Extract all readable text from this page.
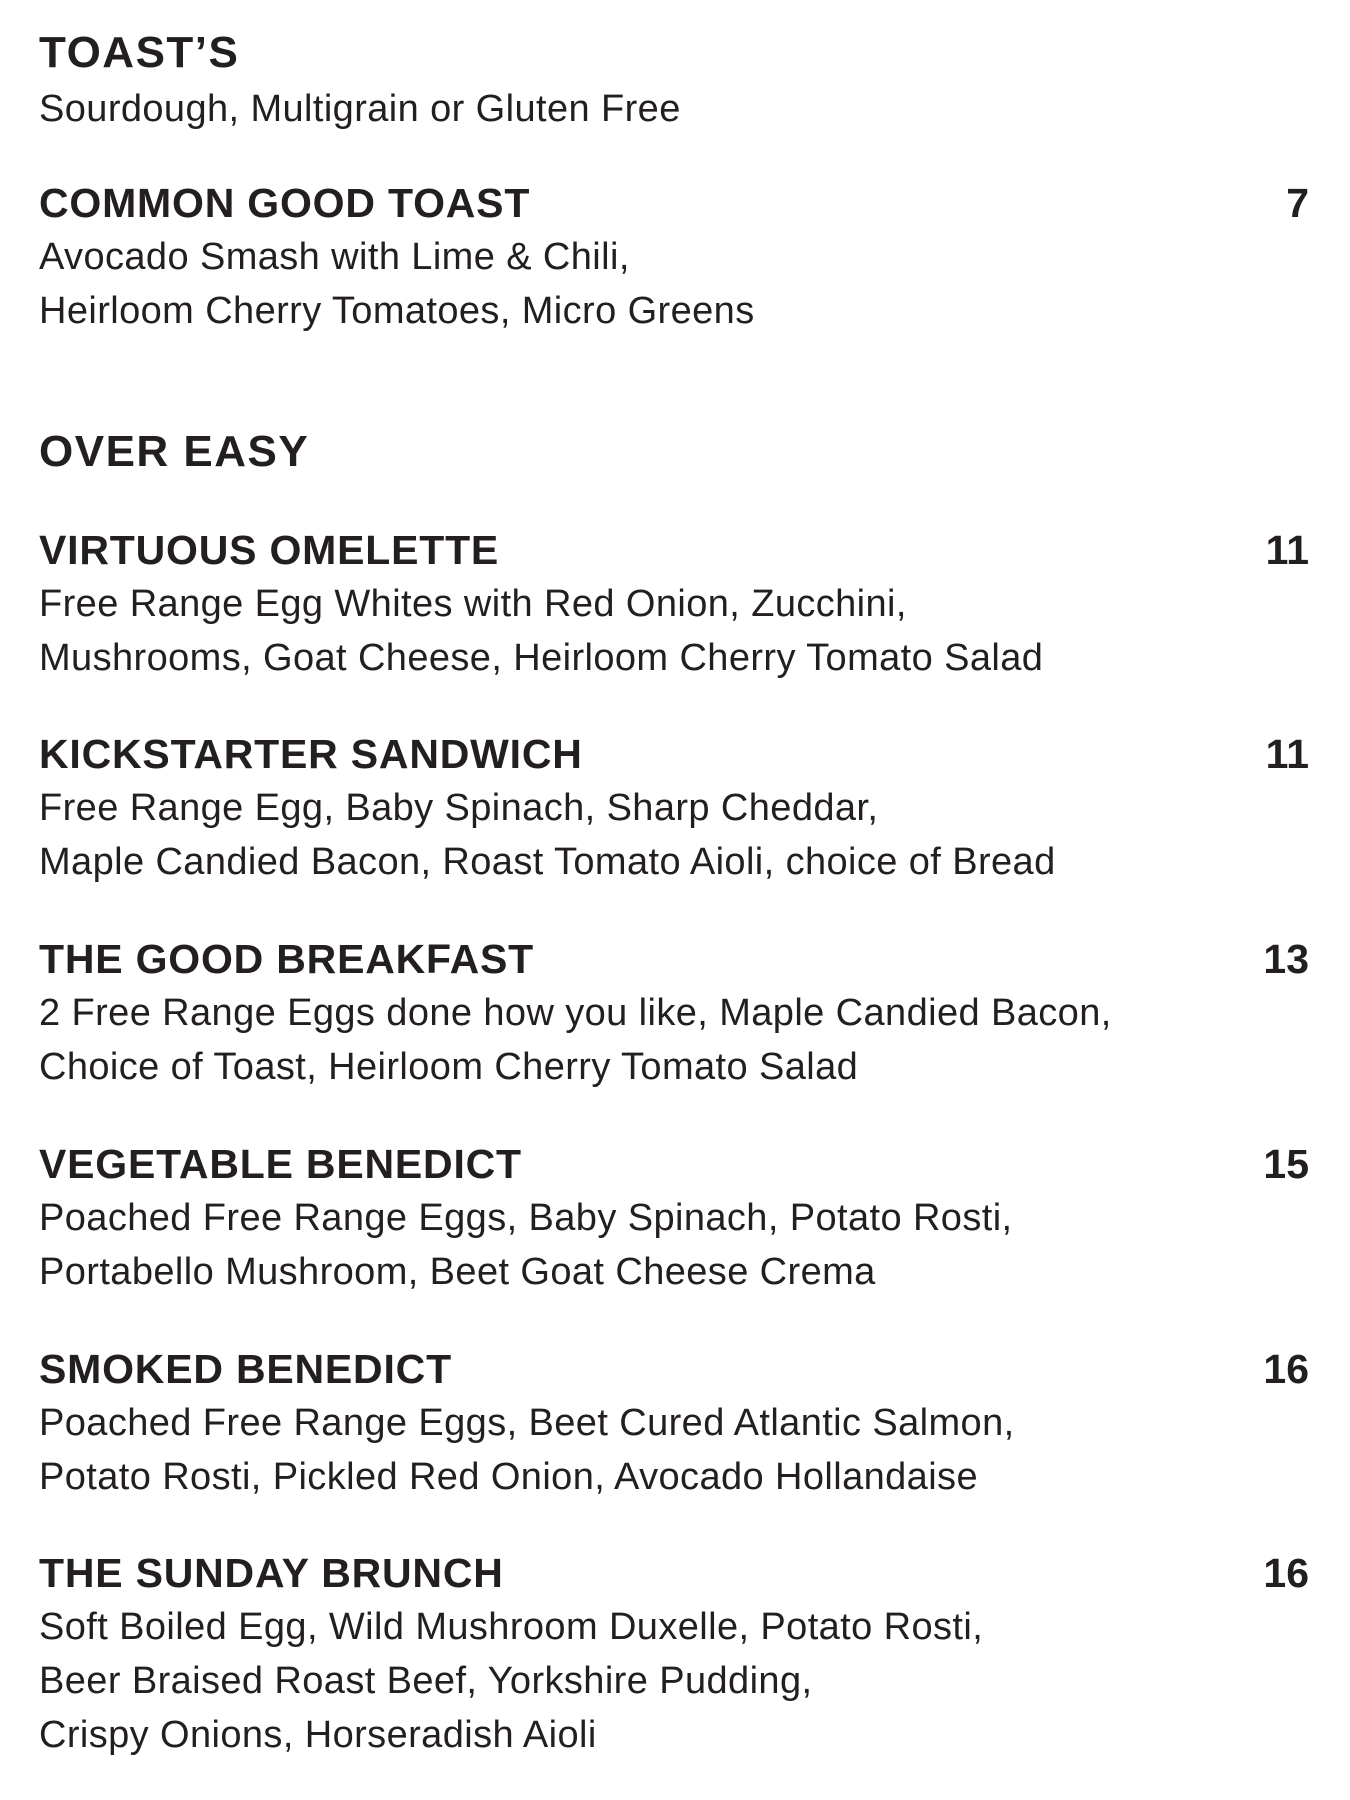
TOAST’S
Sourdough, Multigrain or Gluten Free
COMMON GOOD TOAST	7
Avocado Smash with Lime & Chili,
Heirloom Cherry Tomatoes, Micro Greens
OVER EASY
VIRTUOUS OMELETTE	11
Free Range Egg Whites with Red Onion, Zucchini,
Mushrooms, Goat Cheese, Heirloom Cherry Tomato Salad
KICKSTARTER SANDWICH	11
Free Range Egg, Baby Spinach, Sharp Cheddar,
Maple Candied Bacon, Roast Tomato Aioli, choice of Bread
THE GOOD BREAKFAST	13
2 Free Range Eggs done how you like, Maple Candied Bacon,
Choice of Toast, Heirloom Cherry Tomato Salad
VEGETABLE BENEDICT	15
Poached Free Range Eggs, Baby Spinach, Potato Rosti,
Portabello Mushroom, Beet Goat Cheese Crema
SMOKED BENEDICT	16
Poached Free Range Eggs, Beet Cured Atlantic Salmon,
Potato Rosti, Pickled Red Onion, Avocado Hollandaise
THE SUNDAY BRUNCH	16
Soft Boiled Egg, Wild Mushroom Duxelle, Potato Rosti,
Beer Braised Roast Beef, Yorkshire Pudding,
Crispy Onions, Horseradish Aioli
